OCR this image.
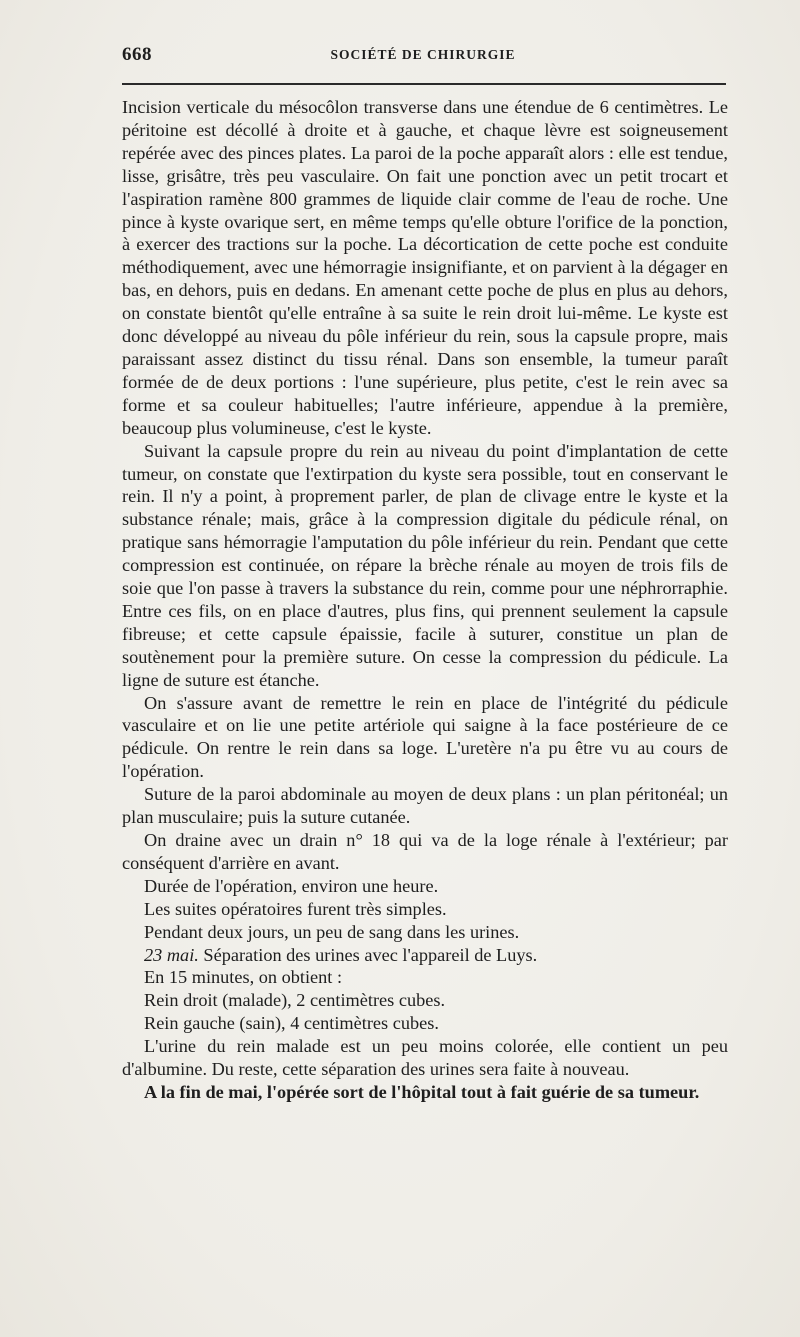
668	SOCIÉTÉ DE CHIRURGIE

Incision verticale du mésocôlon transverse dans une étendue de 6 centimètres. Le péritoine est décollé à droite et à gauche, et chaque lèvre est soigneusement repérée avec des pinces plates. La paroi de la poche apparaît alors : elle est tendue, lisse, grisâtre, très peu vasculaire. On fait une ponction avec un petit trocart et l'aspiration ramène 800 grammes de liquide clair comme de l'eau de roche. Une pince à kyste ovarique sert, en même temps qu'elle obture l'orifice de la ponction, à exercer des tractions sur la poche. La décortication de cette poche est conduite méthodiquement, avec une hémorragie insignifiante, et on parvient à la dégager en bas, en dehors, puis en dedans. En amenant cette poche de plus en plus au dehors, on constate bientôt qu'elle entraîne à sa suite le rein droit lui-même. Le kyste est donc développé au niveau du pôle inférieur du rein, sous la capsule propre, mais paraissant assez distinct du tissu rénal. Dans son ensemble, la tumeur paraît formée de de deux portions : l'une supérieure, plus petite, c'est le rein avec sa forme et sa couleur habituelles; l'autre inférieure, appendue à la première, beaucoup plus volumineuse, c'est le kyste.

Suivant la capsule propre du rein au niveau du point d'implantation de cette tumeur, on constate que l'extirpation du kyste sera possible, tout en conservant le rein. Il n'y a point, à proprement parler, de plan de clivage entre le kyste et la substance rénale; mais, grâce à la compression digitale du pédicule rénal, on pratique sans hémorragie l'amputation du pôle inférieur du rein. Pendant que cette compression est continuée, on répare la brèche rénale au moyen de trois fils de soie que l'on passe à travers la substance du rein, comme pour une néphrorraphie. Entre ces fils, on en place d'autres, plus fins, qui prennent seulement la capsule fibreuse; et cette capsule épaissie, facile à suturer, constitue un plan de soutènement pour la première suture. On cesse la compression du pédicule. La ligne de suture est étanche.

On s'assure avant de remettre le rein en place de l'intégrité du pédicule vasculaire et on lie une petite artériole qui saigne à la face postérieure de ce pédicule. On rentre le rein dans sa loge. L'uretère n'a pu être vu au cours de l'opération.

Suture de la paroi abdominale au moyen de deux plans : un plan péritonéal; un plan musculaire; puis la suture cutanée.

On draine avec un drain n° 18 qui va de la loge rénale à l'extérieur; par conséquent d'arrière en avant.

Durée de l'opération, environ une heure.

Les suites opératoires furent très simples.

Pendant deux jours, un peu de sang dans les urines.

23 mai. Séparation des urines avec l'appareil de Luys.

En 15 minutes, on obtient :

Rein droit (malade), 2 centimètres cubes.

Rein gauche (sain), 4 centimètres cubes.

L'urine du rein malade est un peu moins colorée, elle contient un peu d'albumine. Du reste, cette séparation des urines sera faite à nouveau.

A la fin de mai, l'opérée sort de l'hôpital tout à fait guérie de sa tumeur.
